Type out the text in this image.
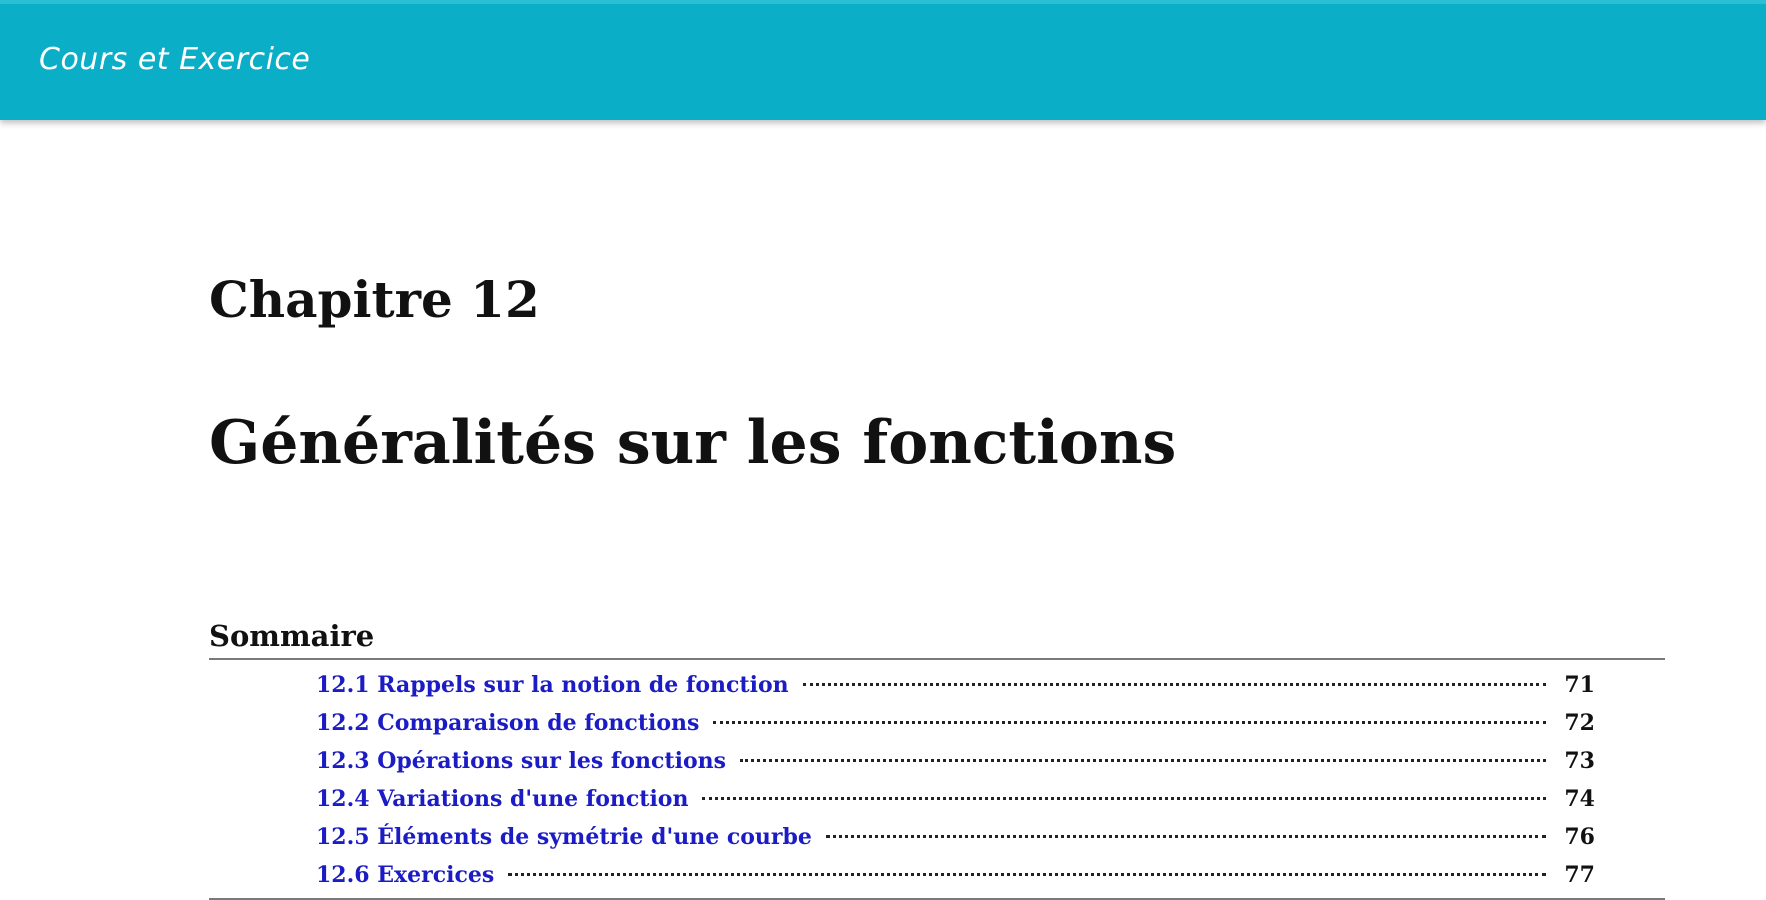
Cours et Exercice
Chapitre 12
Généralités sur les fonctions
Sommaire
12.1 Rappels sur la notion de fonction	71
12.2 Comparaison de fonctions	72
12.3 Opérations sur les fonctions	73
12.4 Variations d'une fonction	74
12.5 Éléments de symétrie d'une courbe	76
12.6 Exercices	77
